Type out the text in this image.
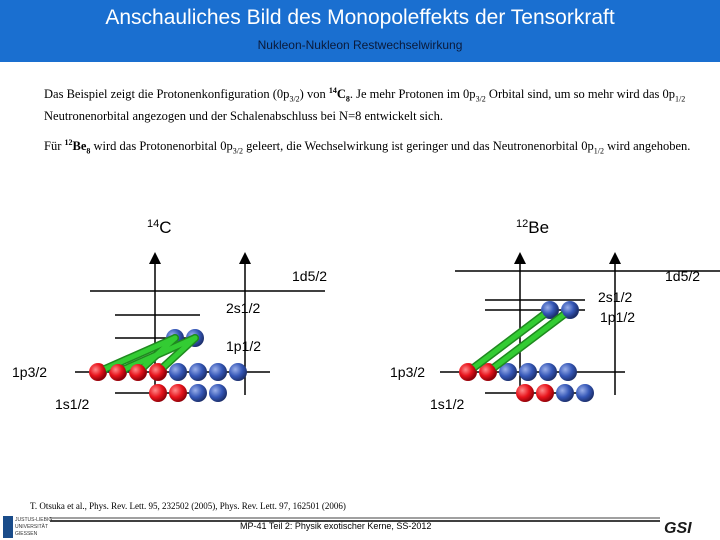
Anschauliches Bild des Monopoleffekts der Tensorkraft
Nukleon-Nukleon Restwechselwirkung
Das Beispiel zeigt die Protonenkonfiguration $(0p_{3/2})$ von $^{14}C_8$. Je mehr Protonen im $0p_{3/2}$ Orbital sind, um so mehr wird das $0p_{1/2}$ Neutronenorbital angezogen und der Schalenabschluss bei N=8 entwickelt sich.
Für $^{12}Be_8$ wird das Protonenorbital $0p_{3/2}$ geleert, die Wechselwirkung ist geringer und das Neutronenorbital $0p_{1/2}$ wird angehoben.
$^{14}$C	$^{12}$Be
1d5/2
2s1/2
1p1/2
1p3/2
1s1/2
1d5/2
2s1/2
1p1/2
1p3/2
1s1/2
T. Otsuka et al., Phys. Rev. Lett. 95, 232502 (2005), Phys. Rev. Lett. 97, 162501 (2006)
MP-41 Teil 2: Physik exotischer Kerne, SS-2012
JUSTUS-LIEBIG
UNIVERSITÄT
GIESSEN	GSI
